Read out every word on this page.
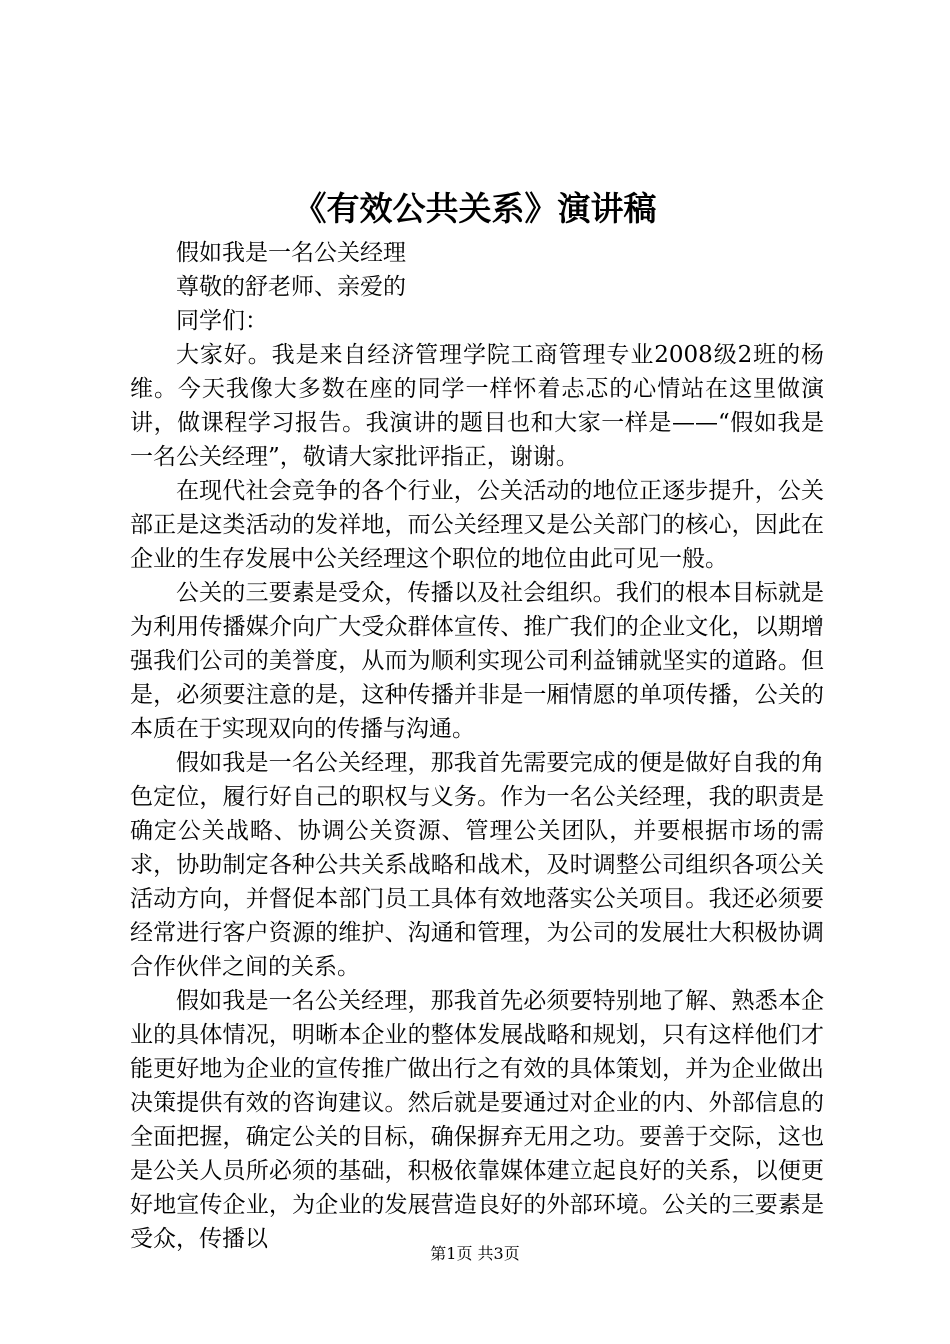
《有效公共关系》演讲稿

假如我是一名公关经理

尊敬的舒老师、亲爱的

同学们：

大家好。我是来自经济管理学院工商管理专业2008级2班的杨维。今天我像大多数在座的同学一样怀着忐忑的心情站在这里做演讲，做课程学习报告。我演讲的题目也和大家一样是——“假如我是一名公关经理”，敬请大家批评指正，谢谢。

在现代社会竞争的各个行业，公关活动的地位正逐步提升，公关部正是这类活动的发祥地，而公关经理又是公关部门的核心，因此在企业的生存发展中公关经理这个职位的地位由此可见一般。

公关的三要素是受众，传播以及社会组织。我们的根本目标就是为利用传播媒介向广大受众群体宣传、推广我们的企业文化，以期增强我们公司的美誉度，从而为顺利实现公司利益铺就坚实的道路。但是，必须要注意的是，这种传播并非是一厢情愿的单项传播，公关的本质在于实现双向的传播与沟通。

假如我是一名公关经理，那我首先需要完成的便是做好自我的角色定位，履行好自己的职权与义务。作为一名公关经理，我的职责是确定公关战略、协调公关资源、管理公关团队，并要根据市场的需求，协助制定各种公共关系战略和战术，及时调整公司组织各项公关活动方向，并督促本部门员工具体有效地落实公关项目。我还必须要经常进行客户资源的维护、沟通和管理，为公司的发展壮大积极协调合作伙伴之间的关系。

假如我是一名公关经理，那我首先必须要特别地了解、熟悉本企业的具体情况，明晰本企业的整体发展战略和规划，只有这样他们才能更好地为企业的宣传推广做出行之有效的具体策划，并为企业做出决策提供有效的咨询建议。然后就是要通过对企业的内、外部信息的全面把握，确定公关的目标，确保摒弃无用之功。要善于交际，这也是公关人员所必须的基础，积极依靠媒体建立起良好的关系，以便更好地宣传企业，为企业的发展营造良好的外部环境。公关的三要素是受众，传播以

第1页 共3页
